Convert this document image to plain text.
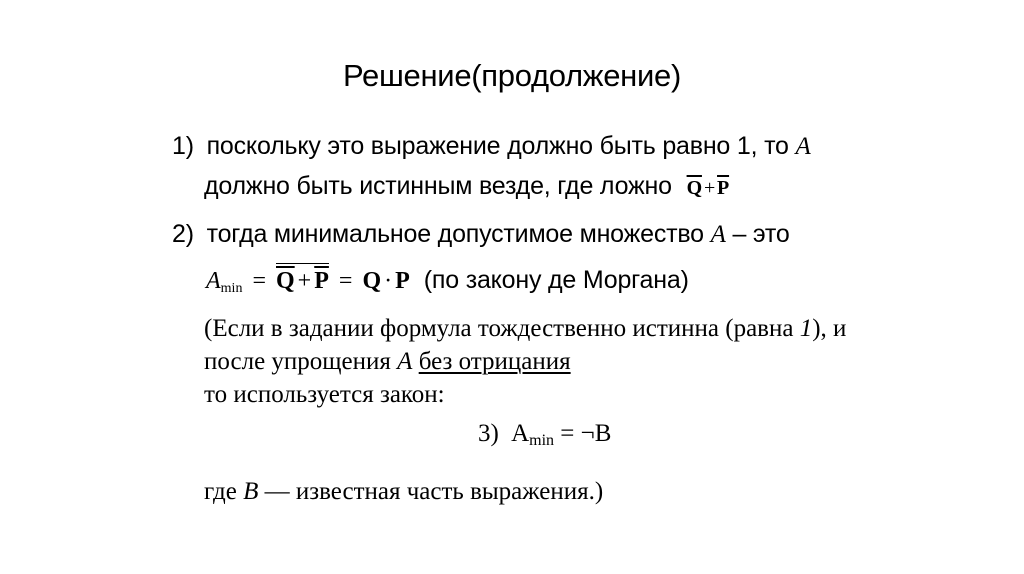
Решение(продолжение)
1) поскольку это выражение должно быть равно 1, то A
должно быть истинным везде, где ложно $\overline{Q} + \overline{P}$
2) тогда минимальное допустимое множество A – это
$A_{min} = \overline{Q} + \overline{P} = Q \cdot P$ (по закону де Моргана)
(Если в задании формула тождественно истинна (равна 1), и
после упрощения A без отрицания
то используется закон:
3) $A_{min}$ = ¬B
где B — известная часть выражения.)
